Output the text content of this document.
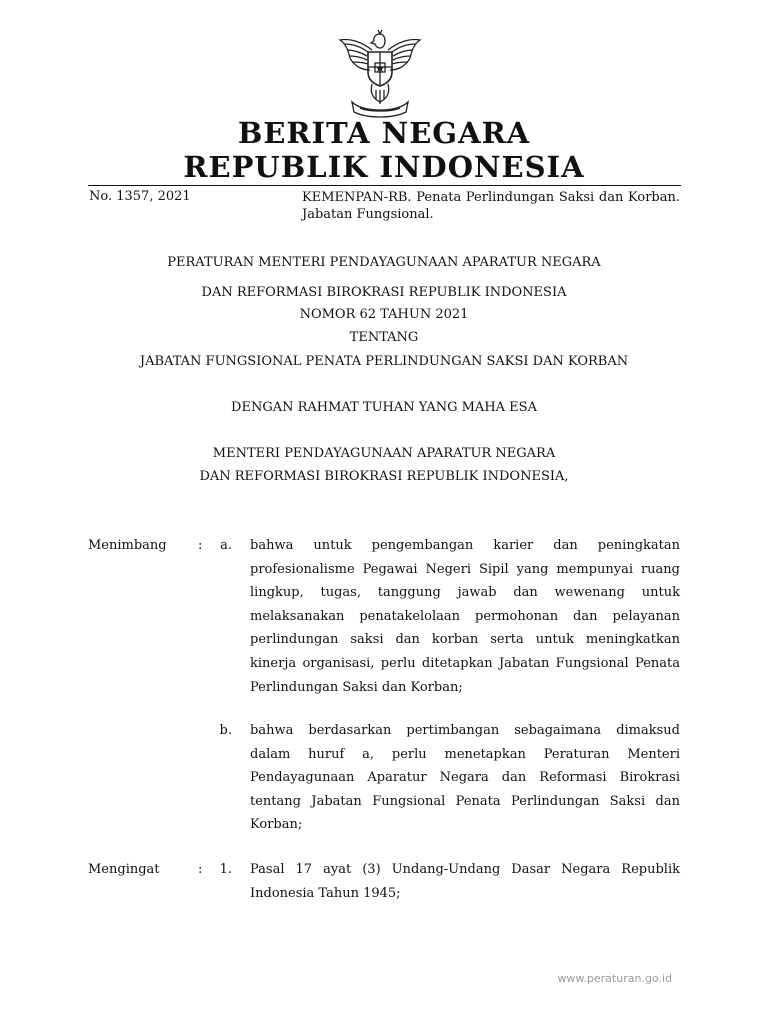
BERITA NEGARA
REPUBLIK INDONESIA
No. 1357, 2021	KEMENPAN-RB. Penata Perlindungan Saksi dan Korban. Jabatan Fungsional.
PERATURAN MENTERI PENDAYAGUNAAN APARATUR NEGARA
DAN REFORMASI BIROKRASI REPUBLIK INDONESIA
NOMOR 62 TAHUN 2021
TENTANG
JABATAN FUNGSIONAL PENATA PERLINDUNGAN SAKSI DAN KORBAN
DENGAN RAHMAT TUHAN YANG MAHA ESA
MENTERI PENDAYAGUNAAN APARATUR NEGARA
DAN REFORMASI BIROKRASI REPUBLIK INDONESIA,
Menimbang :	a. bahwa untuk pengembangan karier dan peningkatan profesionalisme Pegawai Negeri Sipil yang mempunyai ruang lingkup, tugas, tanggung jawab dan wewenang untuk melaksanakan penatakelolaan permohonan dan pelayanan perlindungan saksi dan korban serta untuk meningkatkan kinerja organisasi, perlu ditetapkan Jabatan Fungsional Penata Perlindungan Saksi dan Korban;
b. bahwa berdasarkan pertimbangan sebagaimana dimaksud dalam huruf a, perlu menetapkan Peraturan Menteri Pendayagunaan Aparatur Negara dan Reformasi Birokrasi tentang Jabatan Fungsional Penata Perlindungan Saksi dan Korban;
Mengingat	:	1. Pasal 17 ayat (3) Undang-Undang Dasar Negara Republik Indonesia Tahun 1945;
www.peraturan.go.id
